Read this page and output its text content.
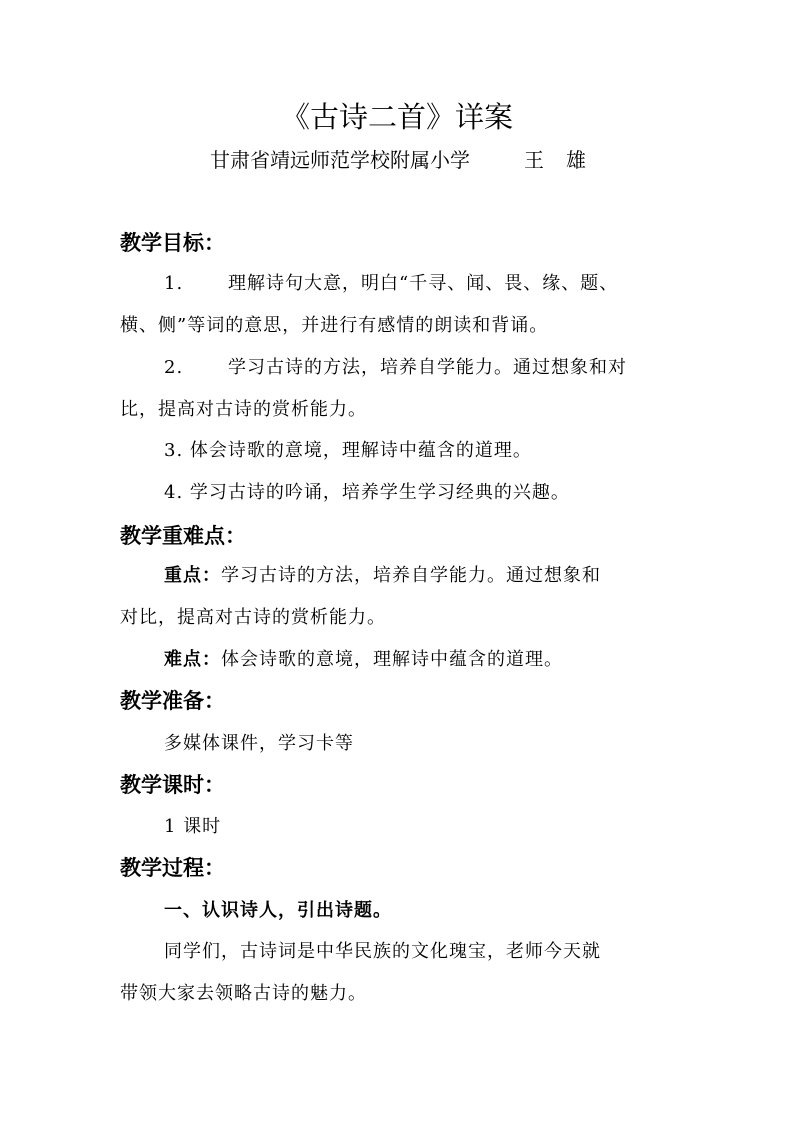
《古诗二首》详案
甘肃省靖远师范学校附属小学	王雄
教学目标：
1. 理解诗句大意，明白“千寻、闻、畏、缘、题、
横、侧”等词的意思，并进行有感情的朗读和背诵。
2. 学习古诗的方法，培养自学能力。通过想象和对
比，提高对古诗的赏析能力。
3. 体会诗歌的意境，理解诗中蕴含的道理。
4. 学习古诗的吟诵，培养学生学习经典的兴趣。
教学重难点：
重点：学习古诗的方法，培养自学能力。通过想象和
对比，提高对古诗的赏析能力。
难点：体会诗歌的意境，理解诗中蕴含的道理。
教学准备：
多媒体课件，学习卡等
教学课时：
1 课时
教学过程：
一、认识诗人，引出诗题。
同学们，古诗词是中华民族的文化瑰宝，老师今天就
带领大家去领略古诗的魅力。
